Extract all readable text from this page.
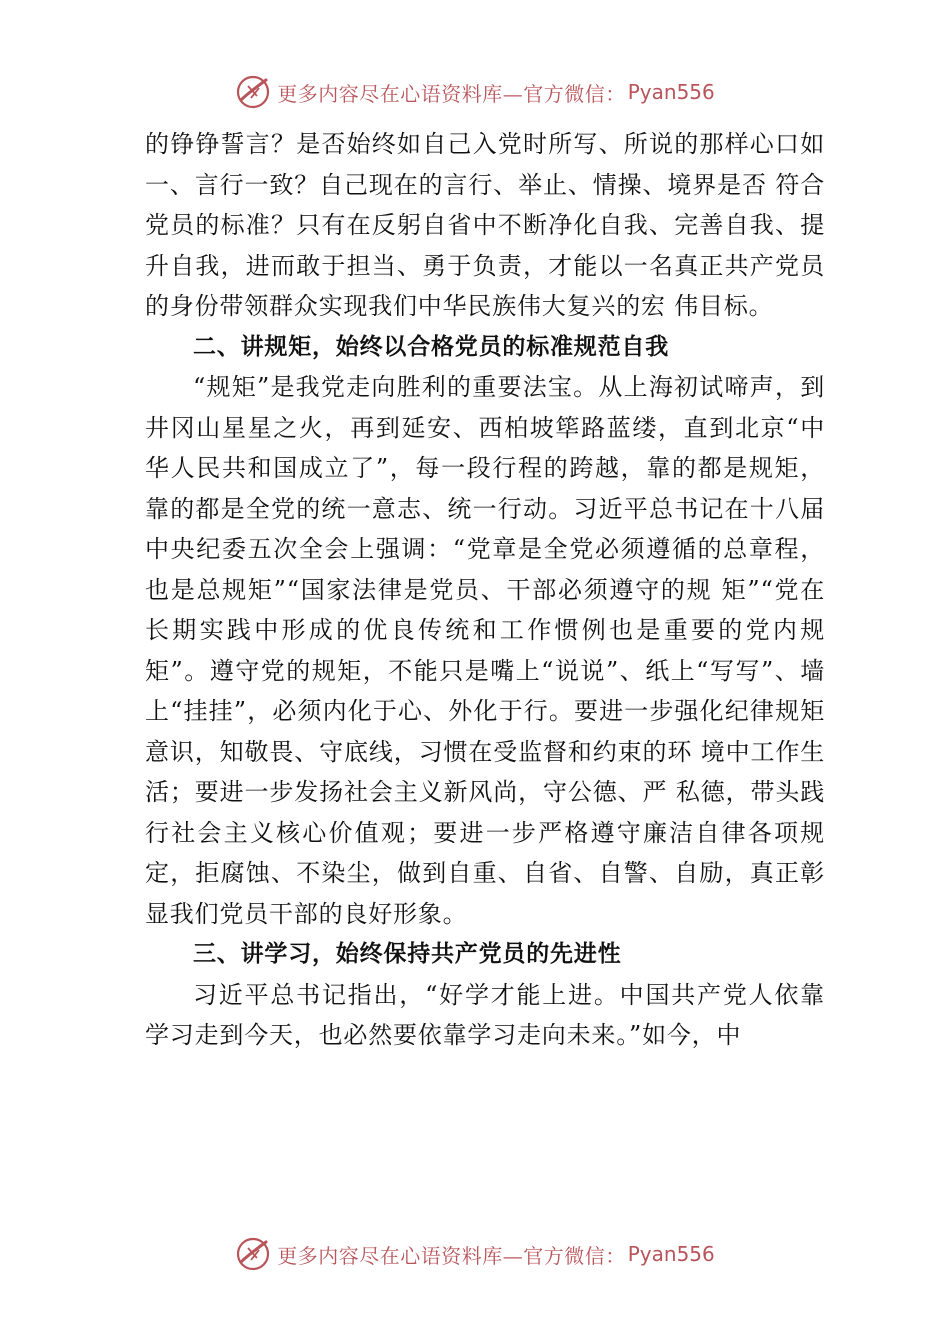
更多内容尽在心语资料库—官方微信： Pyan556

的铮铮誓言？是否始终如自己入党时所写、所说的那样心口如一、言行一致？自己现在的言行、举止、情操、境界是否 符合党员的标准？只有在反躬自省中不断净化自我、完善自我、提升自我，进而敢于担当、勇于负责，才能以一名真正共产党员的身份带领群众实现我们中华民族伟大复兴的宏 伟目标。

二、讲规矩，始终以合格党员的标准规范自我

“规矩”是我党走向胜利的重要法宝。从上海初试啼声，到井冈山星星之火，再到延安、西柏坡筚路蓝缕，直到北京“中华人民共和国成立了”，每一段行程的跨越，靠的都是规矩，靠的都是全党的统一意志、统一行动。习近平总书记在十八届中央纪委五次全会上强调：“党章是全党必须遵循的总章程，也是总规矩”“国家法律是党员、干部必须遵守的规 矩”“党在长期实践中形成的优良传统和工作惯例也是重要的党内规矩”。遵守党的规矩，不能只是嘴上“说说”、纸上“写写”、墙上“挂挂”，必须内化于心、外化于行。要进一步强化纪律规矩意识，知敬畏、守底线，习惯在受监督和约束的环 境中工作生活；要进一步发扬社会主义新风尚，守公德、严 私德，带头践行社会主义核心价值观；要进一步严格遵守廉洁自律各项规定，拒腐蚀、不染尘，做到自重、自省、自警、自励，真正彰显我们党员干部的良好形象。

三、讲学习，始终保持共产党员的先进性

习近平总书记指出，“好学才能上进。中国共产党人依靠学习走到今天，也必然要依靠学习走向未来。”如今，中

更多内容尽在心语资料库—官方微信： Pyan556
